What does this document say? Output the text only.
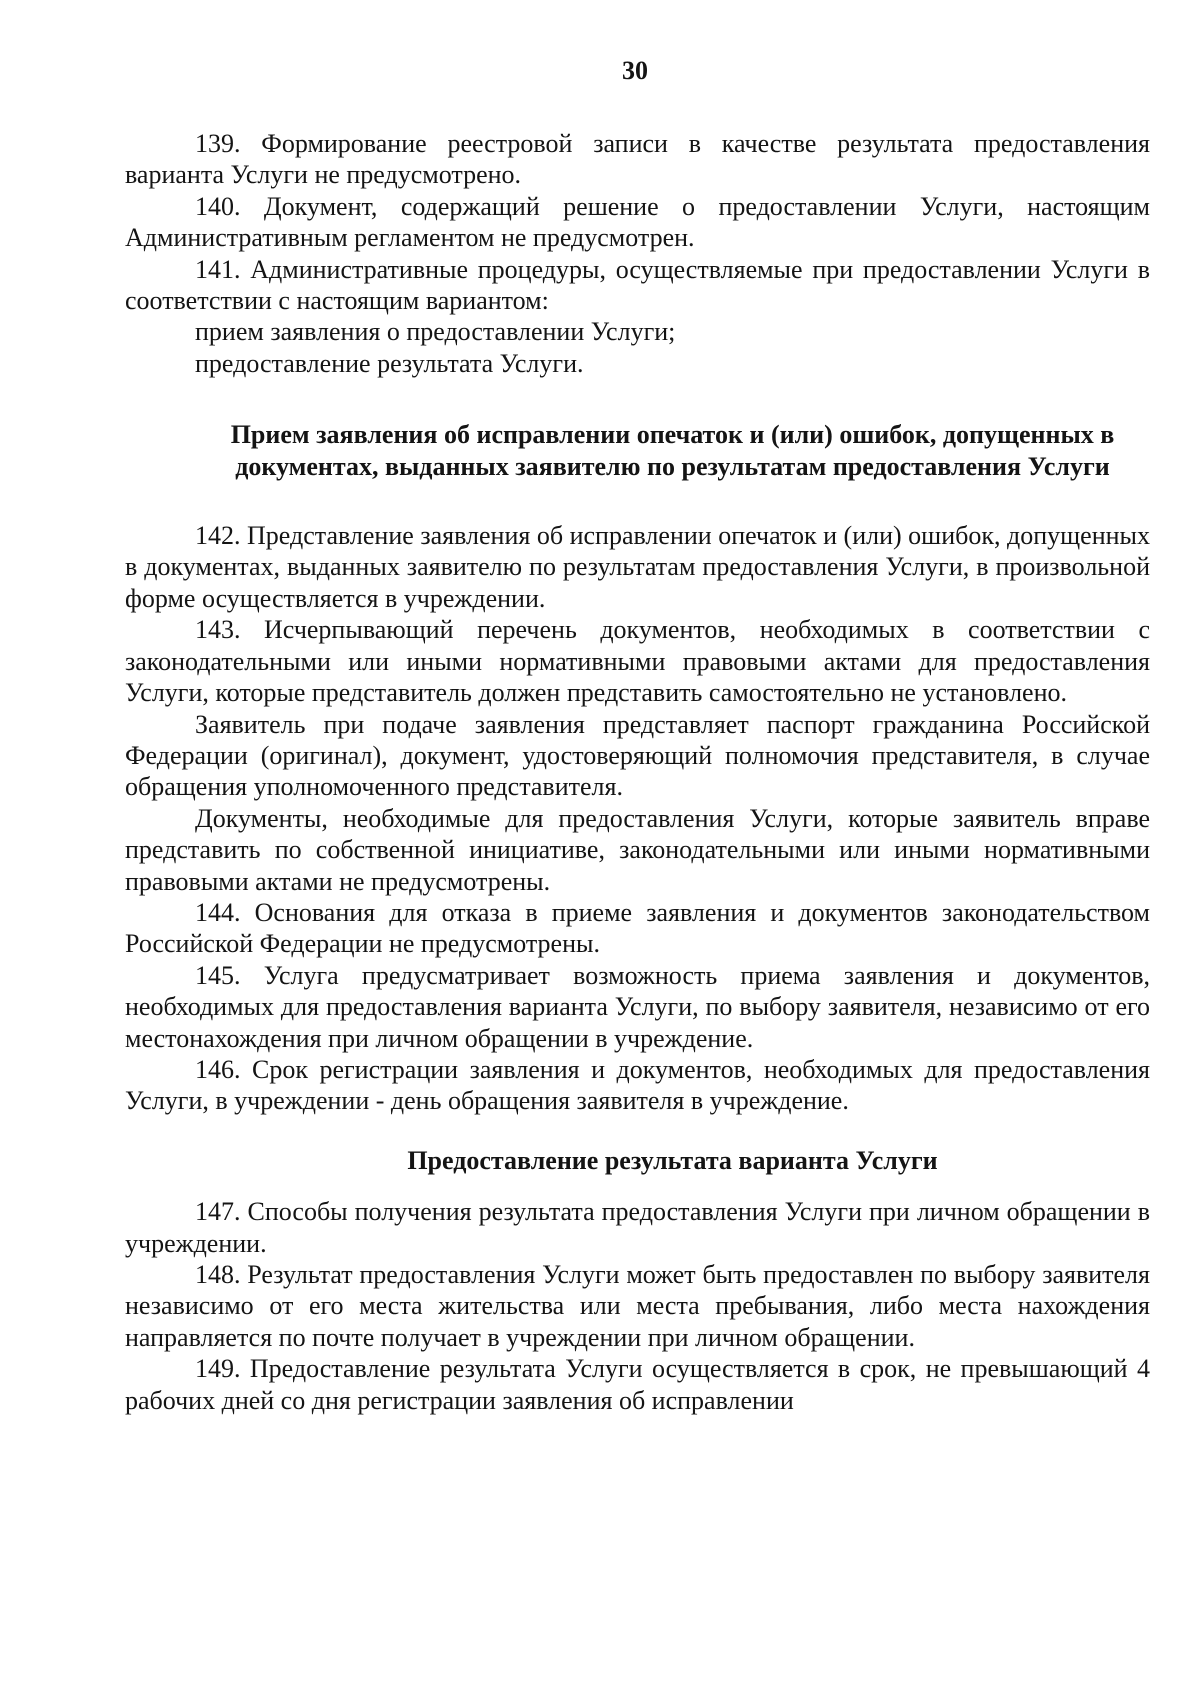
30

139. Формирование реестровой записи в качестве результата предоставления варианта Услуги не предусмотрено.

140. Документ, содержащий решение о предоставлении Услуги, настоящим Административным регламентом не предусмотрен.

141. Административные процедуры, осуществляемые при предоставлении Услуги в соответствии с настоящим вариантом:

прием заявления о предоставлении Услуги;

предоставление результата Услуги.

Прием заявления об исправлении опечаток и (или) ошибок, допущенных в документах, выданных заявителю по результатам предоставления Услуги

142. Представление заявления об исправлении опечаток и (или) ошибок, допущенных в документах, выданных заявителю по результатам предоставления Услуги, в произвольной форме осуществляется в учреждении.

143. Исчерпывающий перечень документов, необходимых в соответствии с законодательными или иными нормативными правовыми актами для предоставления Услуги, которые представитель должен представить самостоятельно не установлено.

Заявитель при подаче заявления представляет паспорт гражданина Российской Федерации (оригинал), документ, удостоверяющий полномочия представителя, в случае обращения уполномоченного представителя.

Документы, необходимые для предоставления Услуги, которые заявитель вправе представить по собственной инициативе, законодательными или иными нормативными правовыми актами не предусмотрены.

144. Основания для отказа в приеме заявления и документов законодательством Российской Федерации не предусмотрены.

145. Услуга предусматривает возможность приема заявления и документов, необходимых для предоставления варианта Услуги, по выбору заявителя, независимо от его местонахождения при личном обращении в учреждение.

146. Срок регистрации заявления и документов, необходимых для предоставления Услуги, в учреждении - день обращения заявителя в учреждение.

Предоставление результата варианта Услуги

147. Способы получения результата предоставления Услуги при личном обращении в учреждении.

148. Результат предоставления Услуги может быть предоставлен по выбору заявителя независимо от его места жительства или места пребывания, либо места нахождения направляется по почте получает в учреждении при личном обращении.

149. Предоставление результата Услуги осуществляется в срок, не превышающий 4 рабочих дней со дня регистрации заявления об исправлении
